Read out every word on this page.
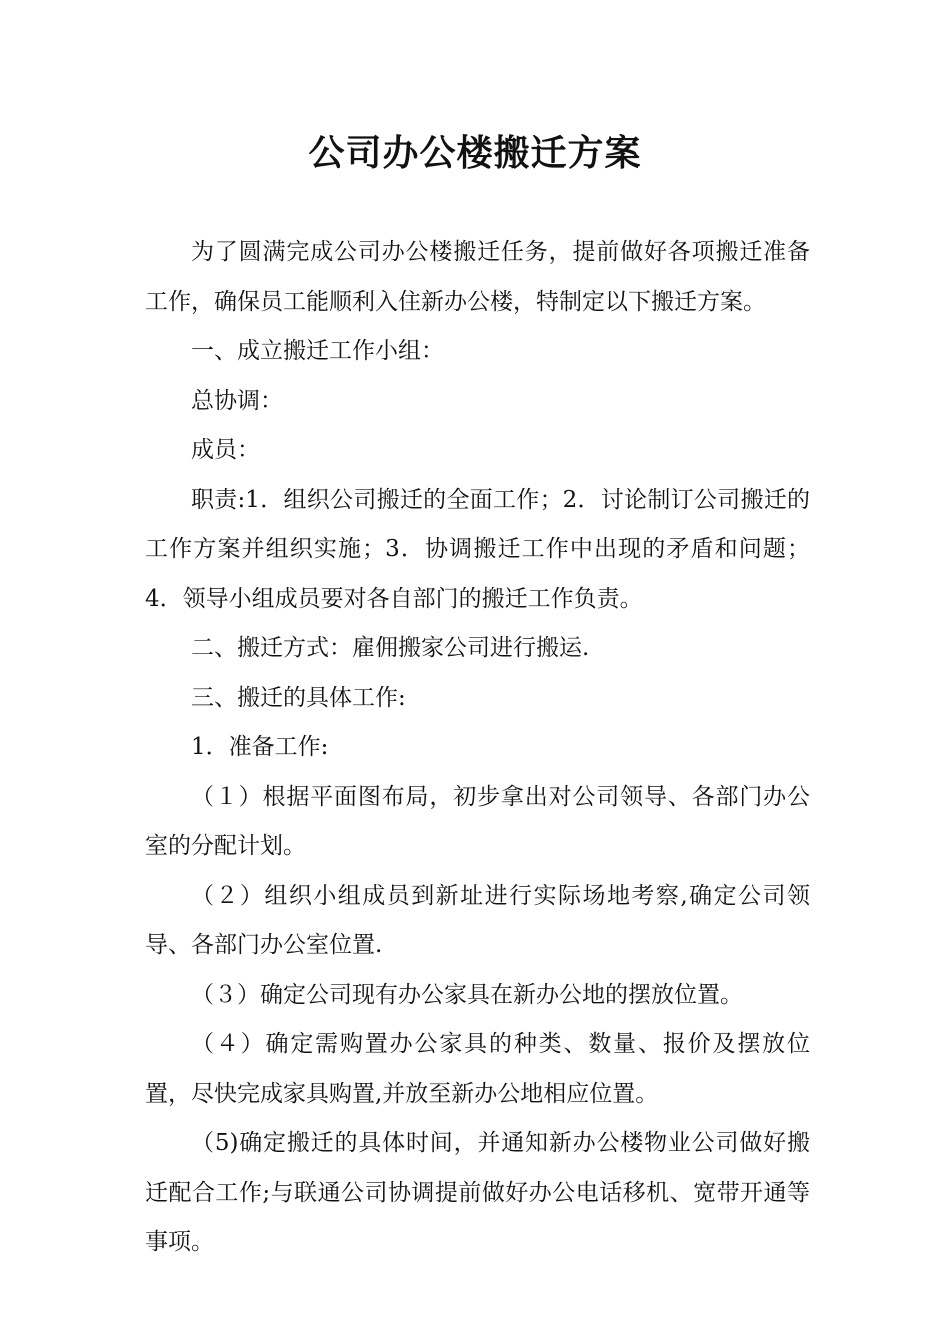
公司办公楼搬迁方案

为了圆满完成公司办公楼搬迁任务，提前做好各项搬迁准备工作，确保员工能顺利入住新办公楼，特制定以下搬迁方案。

一、成立搬迁工作小组：

总协调：

成员：

职责:1．组织公司搬迁的全面工作；2．讨论制订公司搬迁的工作方案并组织实施；3．协调搬迁工作中出现的矛盾和问题；4．领导小组成员要对各自部门的搬迁工作负责。

二、搬迁方式：雇佣搬家公司进行搬运.

三、搬迁的具体工作:

1．准备工作:

（１）根据平面图布局，初步拿出对公司领导、各部门办公室的分配计划。

（２）组织小组成员到新址进行实际场地考察,确定公司领导、各部门办公室位置.

（３）确定公司现有办公家具在新办公地的摆放位置。

（４）确定需购置办公家具的种类、数量、报价及摆放位置，尽快完成家具购置,并放至新办公地相应位置。

（5)确定搬迁的具体时间，并通知新办公楼物业公司做好搬迁配合工作;与联通公司协调提前做好办公电话移机、宽带开通等事项。
